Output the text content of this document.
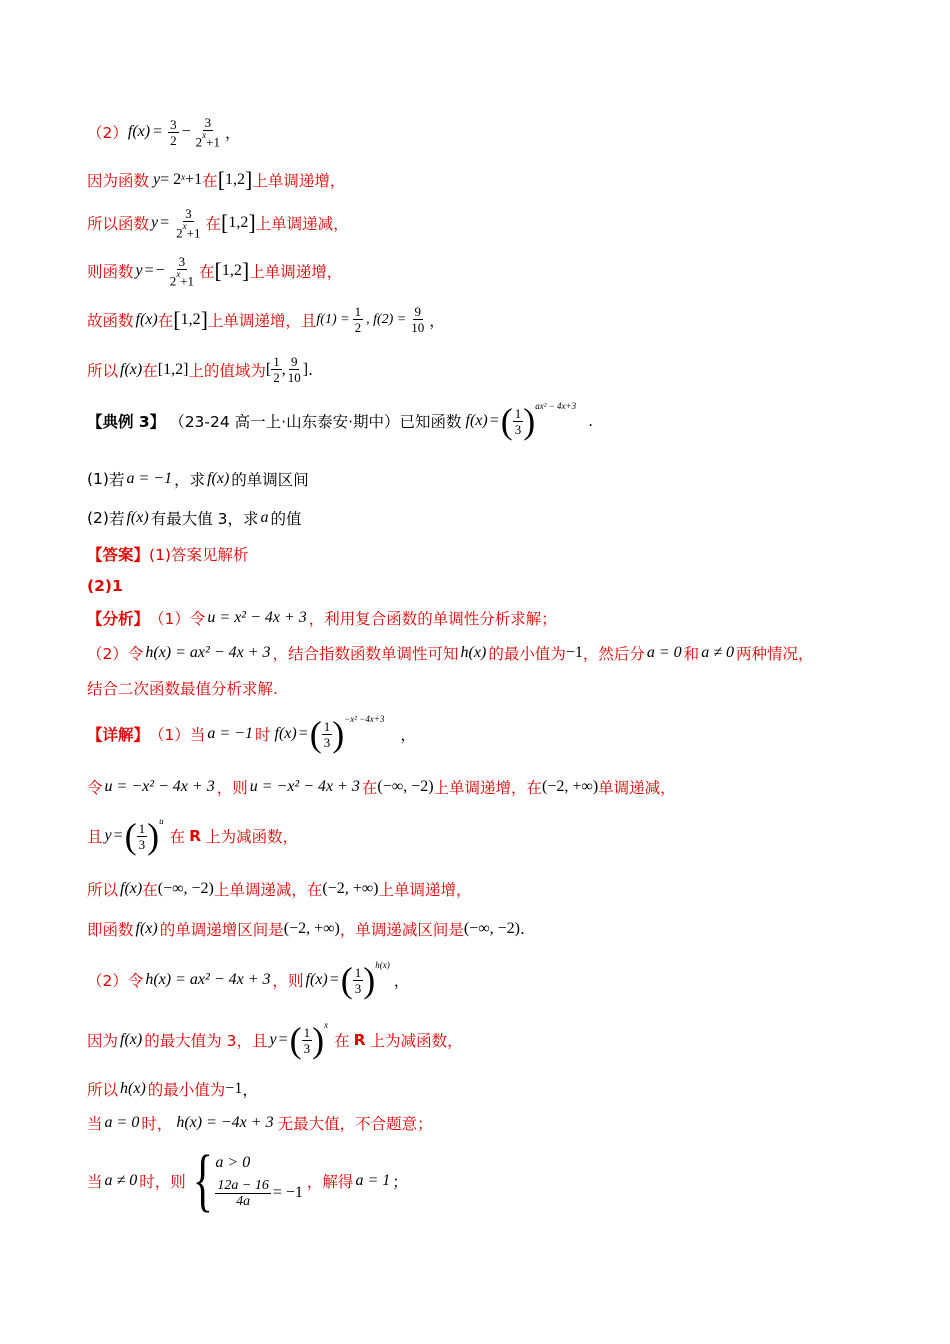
（2） $f(x) = \frac{3}{2} - \frac{3}{2^x+1}$ ，
因为函数 $y = 2^x +1$ 在 [ 1,2 ] 上单调递增，
所以函数 $y = \frac{3}{2^x+1}$ 在 [ 1,2 ] 上单调递减，
则函数 y = − $\frac{3}{2^x+1}$ 在 [ 1,2 ] 上单调递增，
故函数 f(x) 在 [ 1,2 ] 上单调递增，且 $f(1) = \frac{1}{2}$ , $f(2) = \frac{9}{10}$ ，
所以 f(x) 在 [1,2] 上的值域为 [ $\frac{1}{2}$ , $\frac{9}{10}$ ] .
【典例 3】 （23-24 高一上·山东泰安·期中）已知函数 f(x) = ( $\frac{1}{3}$ ) ax² − 4x+3
.
(1) 若 a = −1 ，求 f(x) 的单调区间
(2) 若 f(x) 有最大值 3，求 a 的值
【答案】 (1)答案见解析
(2)1
【分析】 （1）令 u = x² − 4x + 3 ，利用复合函数的单调性分析求解；
（2）令 h(x) = ax² − 4x + 3 ，结合指数函数单调性可知 h(x) 的最小值为 −1 ，然后分 a = 0 和 a ≠ 0 两种情况，
结合二次函数最值分析求解.
【详解】 （1）当 a = −1 时 f(x) = ( $\frac{1}{3}$ ) −x² −4x+3
，
令 u = −x² − 4x + 3 ，则 u = −x² − 4x + 3 在 (−∞, −2) 上单调递增，在 (−2, +∞) 单调递减，
且 y = ( $\frac{1}{3}$ ) u
在 R 上为减函数，
所以 f(x) 在 (−∞, −2) 上单调递减，在 (−2, +∞) 上单调递增，
即函数 f(x) 的单调递增区间是 (−2, +∞) ，单调递减区间是 (−∞, −2) .
（2）令 h(x) = ax² − 4x + 3 ，则 f(x) = ( $\frac{1}{3}$ ) h(x)
，
因为 f(x) 的最大值为 3，且 y = ( $\frac{1}{3}$ ) x
在 R 上为减函数，
所以 h(x) 的最小值为 −1 ，
当 a = 0 时， h(x) = −4x + 3 无最大值，不合题意；
当 a ≠ 0 时，则 { a > 0
$\frac{12a - 16}{4a} = -1$
，解得 a = 1 ；
